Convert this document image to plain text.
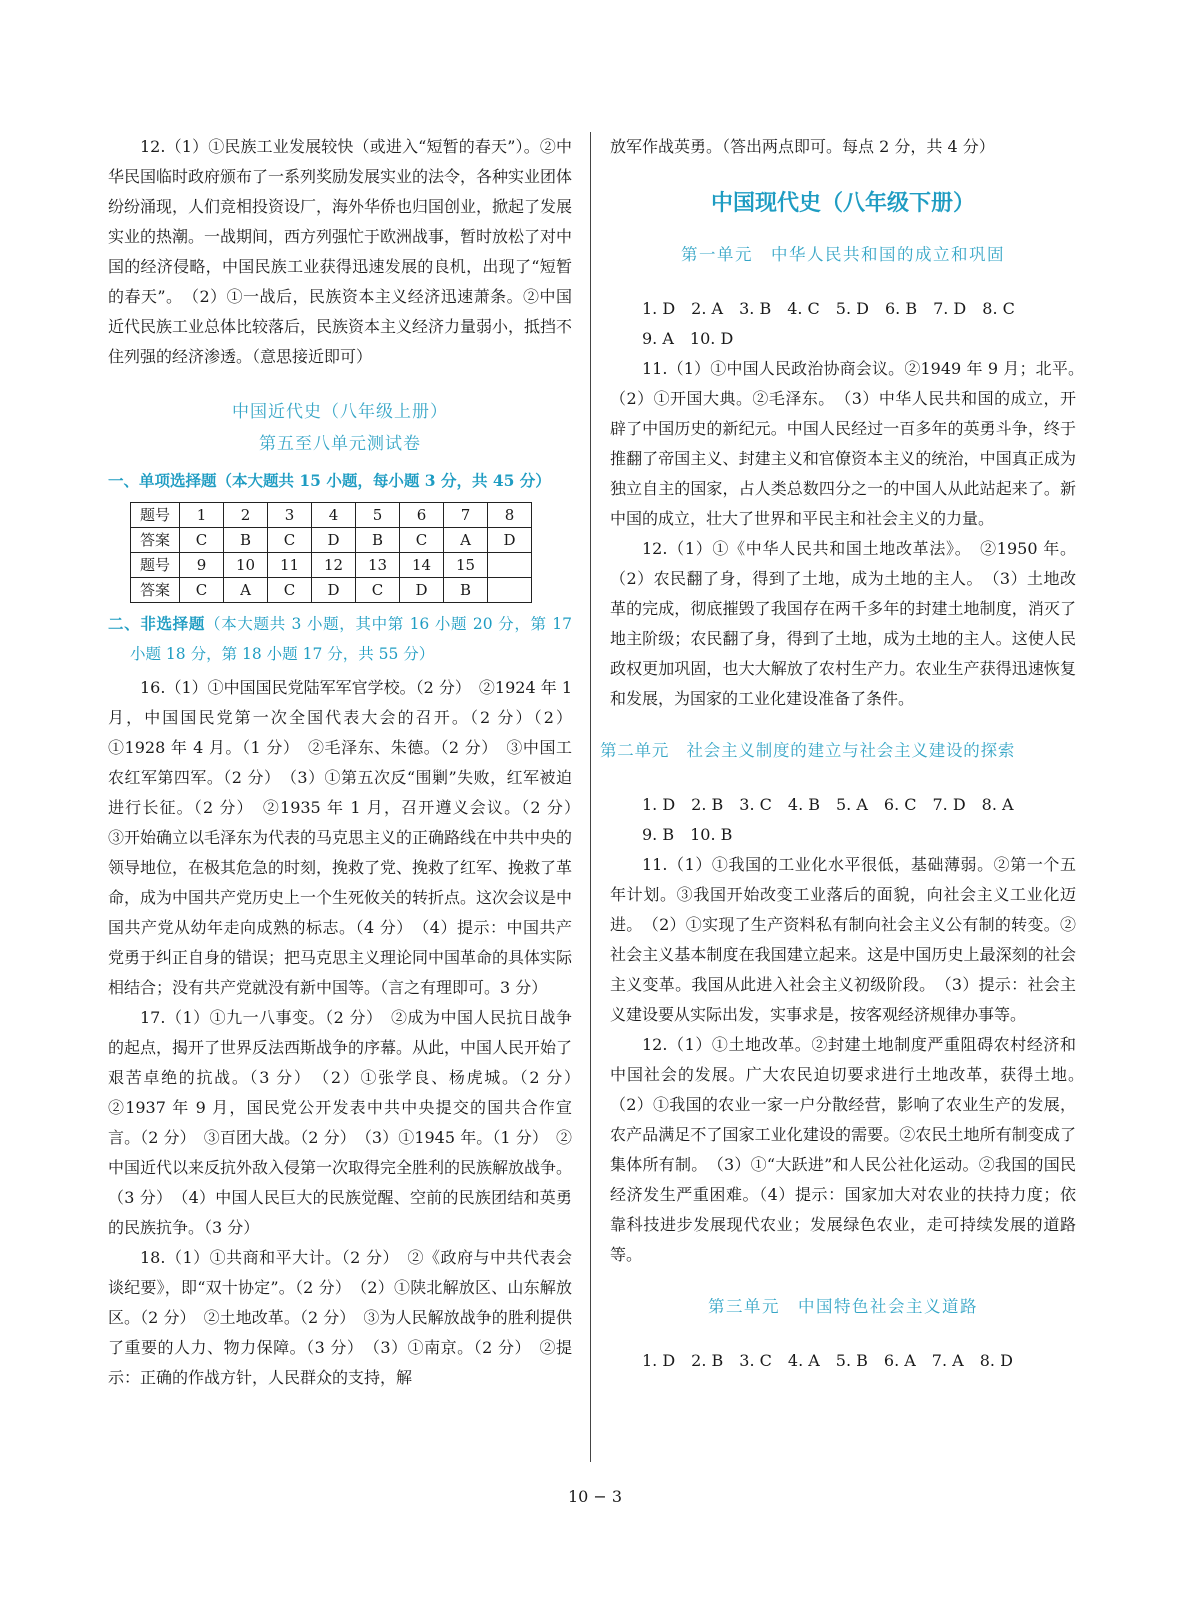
12.（1）①民族工业发展较快（或进入“短暂的春天”）。②中华民国临时政府颁布了一系列奖励发展实业的法令，各种实业团体纷纷涌现，人们竞相投资设厂，海外华侨也归国创业，掀起了发展实业的热潮。一战期间，西方列强忙于欧洲战事，暂时放松了对中国的经济侵略，中国民族工业获得迅速发展的良机，出现了“短暂的春天”。　（2）①一战后，民族资本主义经济迅速萧条。②中国近代民族工业总体比较落后，民族资本主义经济力量弱小，抵挡不住列强的经济渗透。（意思接近即可）

中国近代史（八年级上册）

第五至八单元测试卷

一、单项选择题（本大题共 15 小题，每小题 3 分，共 45 分）

题号	1	2	3	4	5	6	7	8
答案	C	B	C	D	B	C	A	D
题号	9	10	11	12	13	14	15	
答案	C	A	C	D	C	D	B	

二、非选择题（本大题共 3 小题，其中第 16 小题 20 分，第 17 小题 18 分，第 18 小题 17 分，共 55 分）

16.（1）①中国国民党陆军军官学校。（2 分）　②1924 年 1 月，中国国民党第一次全国代表大会的召开。（2 分）（2）①1928 年 4 月。（1 分）　②毛泽东、朱德。（2 分）　③中国工农红军第四军。（2 分）　（3）①第五次反“围剿”失败，红军被迫进行长征。（2 分）　②1935 年 1 月，召开遵义会议。（2 分）　③开始确立以毛泽东为代表的马克思主义的正确路线在中共中央的领导地位，在极其危急的时刻，挽救了党、挽救了红军、挽救了革命，成为中国共产党历史上一个生死攸关的转折点。这次会议是中国共产党从幼年走向成熟的标志。（4 分）　（4）提示：中国共产党勇于纠正自身的错误；把马克思主义理论同中国革命的具体实际相结合；没有共产党就没有新中国等。（言之有理即可。3 分）

17.（1）①九一八事变。（2 分）　②成为中国人民抗日战争的起点，揭开了世界反法西斯战争的序幕。从此，中国人民开始了艰苦卓绝的抗战。（3 分）　（2）①张学良、杨虎城。（2 分）　②1937 年 9 月，国民党公开发表中共中央提交的国共合作宣言。（2 分）　③百团大战。（2 分）　（3）①1945 年。（1 分）　②中国近代以来反抗外敌入侵第一次取得完全胜利的民族解放战争。（3 分）　（4）中国人民巨大的民族觉醒、空前的民族团结和英勇的民族抗争。（3 分）

18.（1）①共商和平大计。（2 分）　②《政府与中共代表会谈纪要》，即“双十协定”。（2 分）　（2）①陕北解放区、山东解放区。（2 分）　②土地改革。（2 分）　③为人民解放战争的胜利提供了重要的人力、物力保障。（3 分）　（3）①南京。（2 分）　②提示：正确的作战方针，人民群众的支持，解

放军作战英勇。（答出两点即可。每点 2 分，共 4 分）

中国现代史（八年级下册）

第一单元　中华人民共和国的成立和巩固

1. D　2. A　3. B　4. C　5. D　6. B　7. D　8. C

9. A　10. D

11.（1）①中国人民政治协商会议。②1949 年 9 月；北平。　（2）①开国大典。②毛泽东。　（3）中华人民共和国的成立，开辟了中国历史的新纪元。中国人民经过一百多年的英勇斗争，终于推翻了帝国主义、封建主义和官僚资本主义的统治，中国真正成为独立自主的国家，占人类总数四分之一的中国人从此站起来了。新中国的成立，壮大了世界和平民主和社会主义的力量。

12.（1）①《中华人民共和国土地改革法》。　②1950 年。（2）农民翻了身，得到了土地，成为土地的主人。　（3）土地改革的完成，彻底摧毁了我国存在两千多年的封建土地制度，消灭了地主阶级；农民翻了身，得到了土地，成为土地的主人。这使人民政权更加巩固，也大大解放了农村生产力。农业生产获得迅速恢复和发展，为国家的工业化建设准备了条件。

第二单元　社会主义制度的建立与社会主义建设的探索

1. D　2. B　3. C　4. B　5. A　6. C　7. D　8. A

9. B　10. B

11.（1）①我国的工业化水平很低，基础薄弱。②第一个五年计划。③我国开始改变工业落后的面貌，向社会主义工业化迈进。　（2）①实现了生产资料私有制向社会主义公有制的转变。②社会主义基本制度在我国建立起来。这是中国历史上最深刻的社会主义变革。我国从此进入社会主义初级阶段。　（3）提示：社会主义建设要从实际出发，实事求是，按客观经济规律办事等。

12.（1）①土地改革。②封建土地制度严重阻碍农村经济和中国社会的发展。广大农民迫切要求进行土地改革，获得土地。　（2）①我国的农业一家一户分散经营，影响了农业生产的发展，农产品满足不了国家工业化建设的需要。②农民土地所有制变成了集体所有制。　（3）①“大跃进”和人民公社化运动。②我国的国民经济发生严重困难。（4）提示：国家加大对农业的扶持力度；依靠科技进步发展现代农业；发展绿色农业，走可持续发展的道路等。

第三单元　中国特色社会主义道路

1. D　2. B　3. C　4. A　5. B　6. A　7. A　8. D

10 − 3
